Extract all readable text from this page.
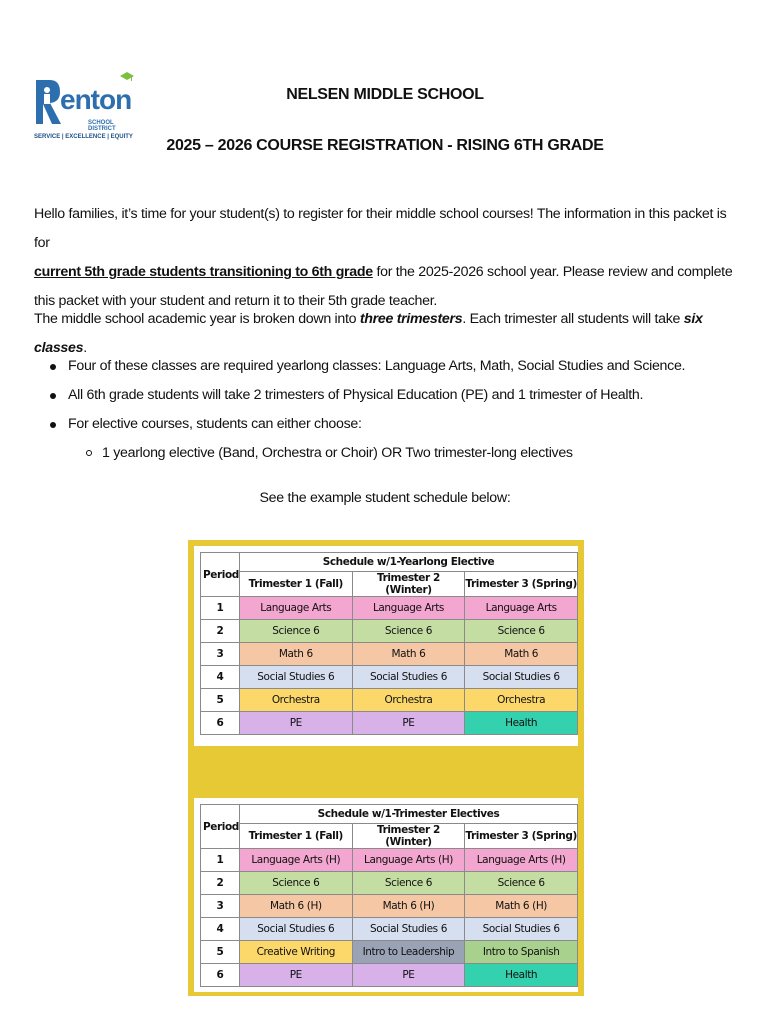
enton
SCHOOL DISTRICT
SERVICE | EXCELLENCE | EQUITY
NELSEN MIDDLE SCHOOL
2025 – 2026 COURSE REGISTRATION - RISING 6TH GRADE
Hello families, it’s time for your student(s) to register for their middle school courses! The information in this packet is for
current 5th grade students transitioning to 6th grade for the 2025-2026 school year. Please review and complete this packet with your student and return it to their 5th grade teacher.
The middle school academic year is broken down into three trimesters. Each trimester all students will take six classes.
Four of these classes are required yearlong classes: Language Arts, Math, Social Studies and Science.
All 6th grade students will take 2 trimesters of Physical Education (PE) and 1 trimester of Health.
For elective courses, students can either choose:
1 yearlong elective (Band, Orchestra or Choir) OR Two trimester-long electives
See the example student schedule below:
Period	Schedule w/1-Yearlong Elective		
	Trimester 1 (Fall)	Trimester 2 (Winter)	Trimester 3 (Spring)
1	Language Arts	Language Arts	Language Arts
2	Science 6	Science 6	Science 6
3	Math 6	Math 6	Math 6
4	Social Studies 6	Social Studies 6	Social Studies 6
5	Orchestra	Orchestra	Orchestra
6	PE	PE	Health
Period	Schedule w/1-Trimester Electives		
	Trimester 1 (Fall)	Trimester 2 (Winter)	Trimester 3 (Spring)
1	Language Arts (H)	Language Arts (H)	Language Arts (H)
2	Science 6	Science 6	Science 6
3	Math 6 (H)	Math 6 (H)	Math 6 (H)
4	Social Studies 6	Social Studies 6	Social Studies 6
5	Creative Writing	Intro to Leadership	Intro to Spanish
6	PE	PE	Health
